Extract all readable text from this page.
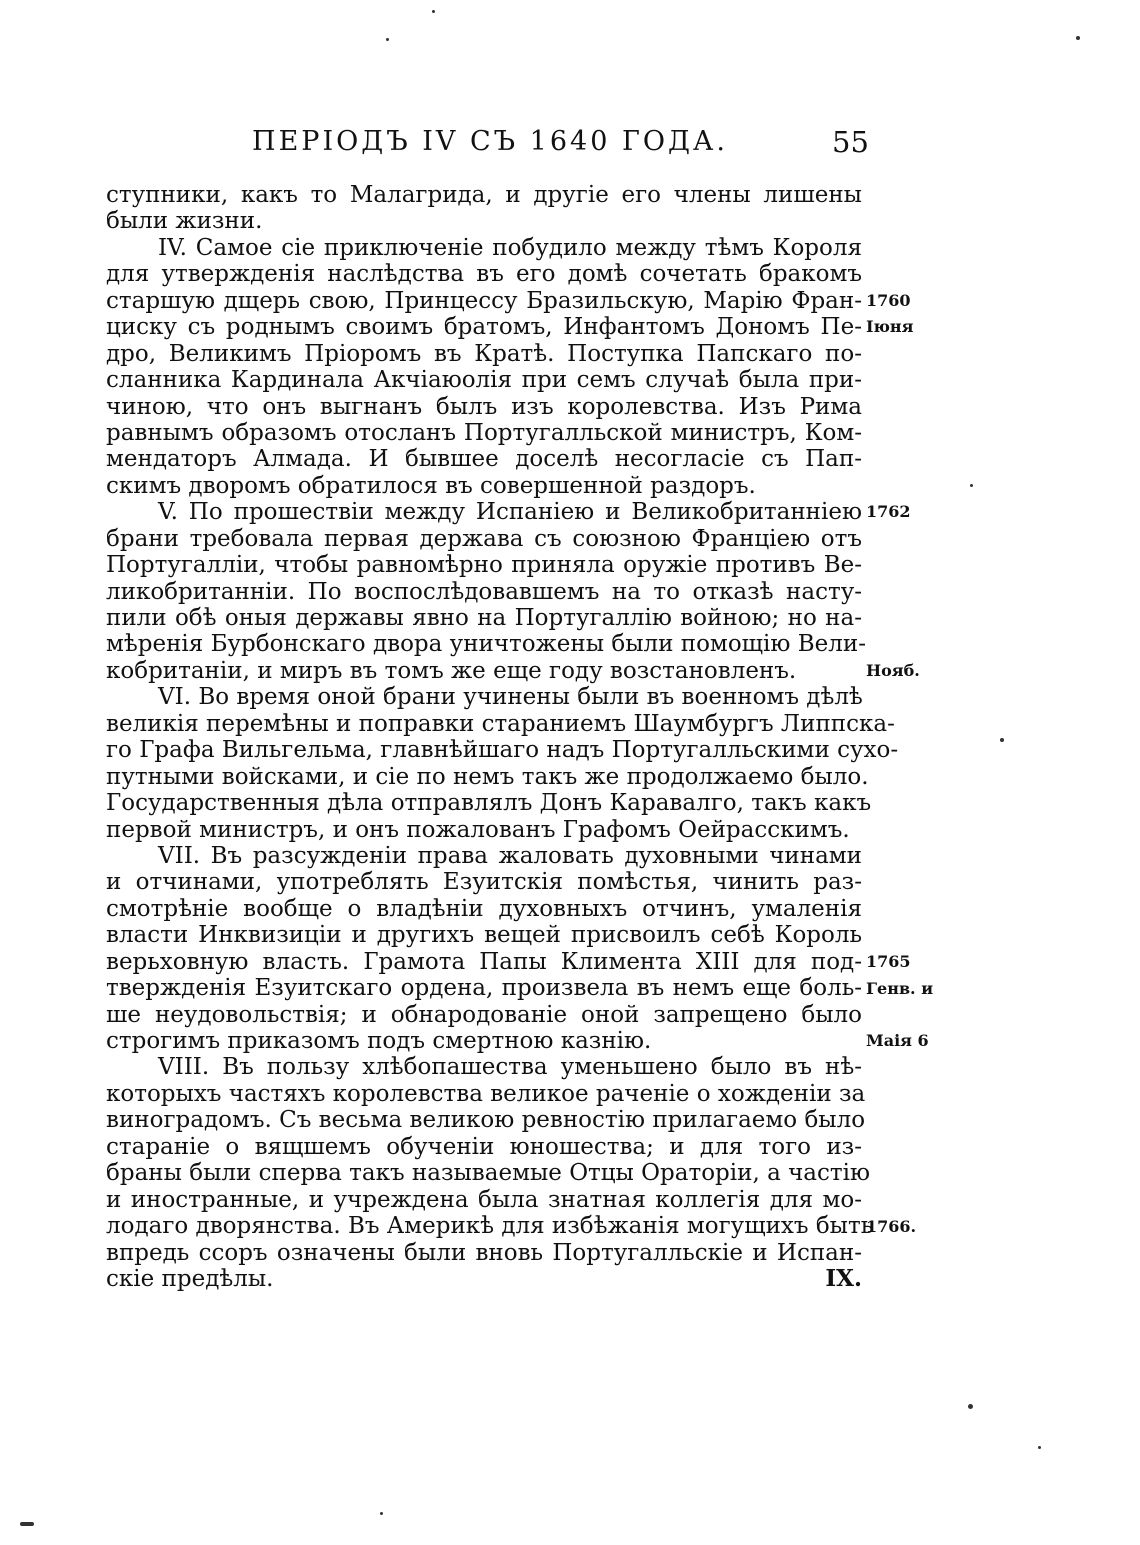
ПЕРIОДЪ IV СЪ 1640 ГОДА.	55
ступники, какъ то Малагрида, и другiе его члены лишены
были жизни.
IV. Самое сiе приключенiе побудило между тѣмъ Короля
для утвержденiя наслѣдства въ его домѣ сочетать бракомъ
старшую дщерь свою, Принцессу Бразильскую, Марiю Фран-
циску съ роднымъ своимъ братомъ, Инфантомъ Дономъ Пе-
дро, Великимъ Прiоромъ въ Кратѣ. Поступка Папскаго по-
сланника Кардинала Акчiаюолiя при семъ случаѣ была при-
чиною, что онъ выгнанъ былъ изъ королевства. Изъ Рима
равнымъ образомъ отосланъ Португалльской министръ, Ком-
мендаторъ Алмада. И бывшее доселѣ несогласiе съ Пап-
скимъ дворомъ обратилося въ совершенной раздоръ.
V. По прошествiи между Испанiею и Великобританнiею
брани требовала первая держава съ союзною Францiею отъ
Португаллiи, чтобы равномѣрно приняла оружiе противъ Ве-
ликобританнiи. По воспослѣдовавшемъ на то отказѣ насту-
пили обѣ оныя державы явно на Португаллiю войною; но на-
мѣренiя Бурбонскаго двора уничтожены были помощiю Вели-
кобританiи, и миръ въ томъ же еще году возстановленъ.
VI. Во время оной брани учинены были въ военномъ дѣлѣ
великiя перемѣны и поправки стараниемъ Шаумбургъ Липпска-
го Графа Вильгельма, главнѣйшаго надъ Португалльскими сухо-
путными войсками, и сiе по немъ такъ же продолжаемо было.
Государственныя дѣла отправлялъ Донъ Каравалго, такъ какъ
первой министръ, и онъ пожалованъ Графомъ Оейрасскимъ.
VII. Въ разсужденiи права жаловать духовными чинами
и отчинами, употреблять Езуитскiя помѣстья, чинить раз-
смотрѣнiе вообще о владѣнiи духовныхъ отчинъ, умаленiя
власти Инквизицiи и другихъ вещей присвоилъ себѣ Король
верьховную власть. Грамота Папы Климента XIII для под-
твержденiя Езуитскаго ордена, произвела въ немъ еще боль-
ше неудовольствiя; и обнародованiе оной запрещено было
строгимъ приказомъ подъ смертною казнiю.
VIII. Въ пользу хлѣбопашества уменьшено было въ нѣ-
которыхъ частяхъ королевства великое раченiе о хожденiи за
виноградомъ. Съ весьма великою ревностiю прилагаемо было
старанiе о вящшемъ обученiи юношества; и для того из-
браны были сперва такъ называемые Отцы Ораторiи, а частiю
и иностранные, и учреждена была знатная коллегiя для мо-
лодаго дворянства. Въ Америкѣ для избѣжанiя могущихъ быть
впредь ссоръ означены были вновь Португалльскiе и Испан-
скiе предѣлы.	IX.
1760
Iюня
1762
Нояб.
1765
Генв. и
Маiя 6
1766.
